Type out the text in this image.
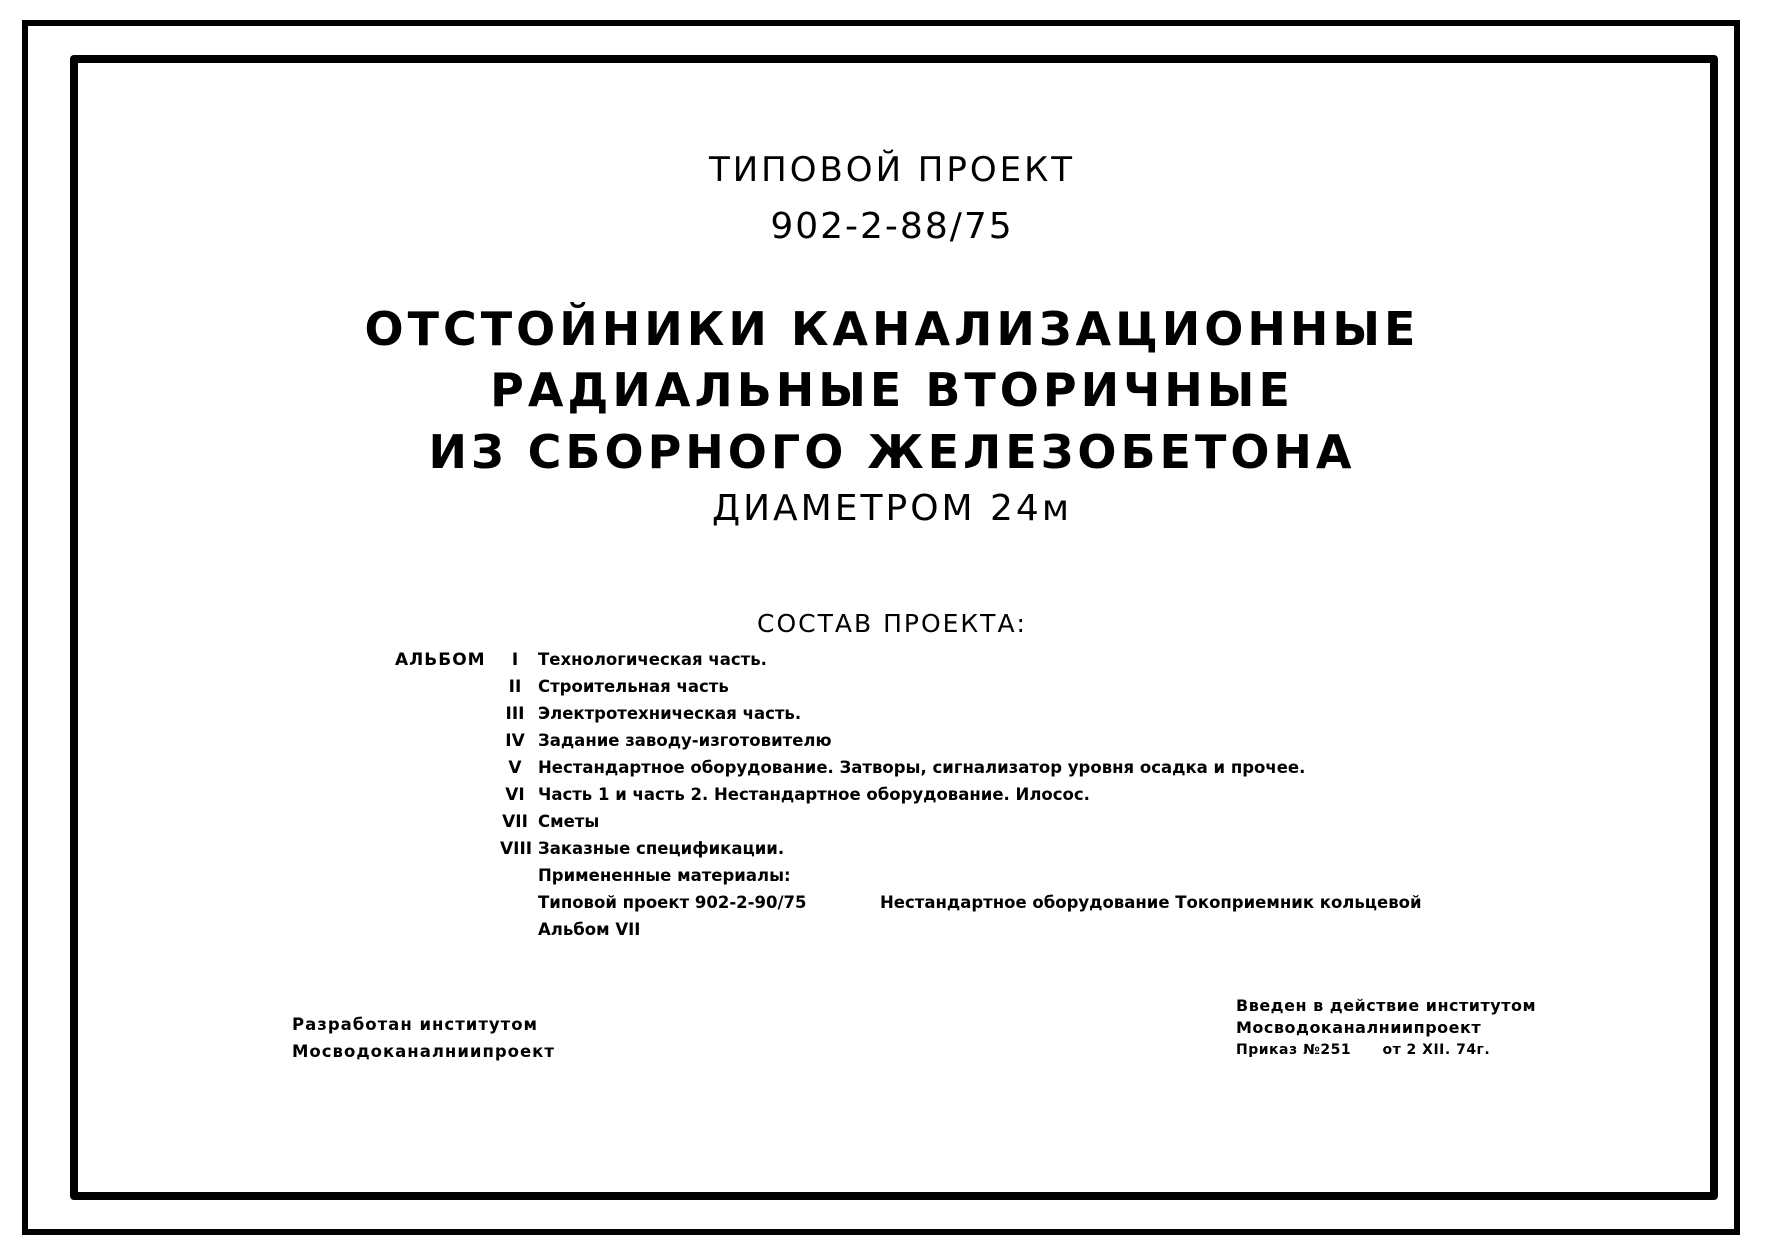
ТИПОВОЙ ПРОЕКТ
902-2-88/75
ОТСТОЙНИКИ КАНАЛИЗАЦИОННЫЕ
РАДИАЛЬНЫЕ ВТОРИЧНЫЕ
ИЗ СБОРНОГО ЖЕЛЕЗОБЕТОНА
ДИАМЕТРОМ 24м
СОСТАВ ПРОЕКТА:
АЛЬБОМ	I	Технологическая часть.
II	Строительная часть
III Электротехническая часть.
IV Задание заводу-изготовителю
V Нестандартное оборудование. Затворы, сигнализатор уровня осадка и прочее.
VI Часть 1 и часть 2. Нестандартное оборудование. Илосос.
VII Сметы
VIII Заказные спецификации.
Примененные материалы:
Типовой проект 902-2-90/75	Нестандартное оборудование Токоприемник кольцевой
Альбом VII
Разработан институтом
Мосводоканалниипроект
Введен в действие институтом
Мосводоканалниипроект
Приказ №251 от 2 XII. 74г.
